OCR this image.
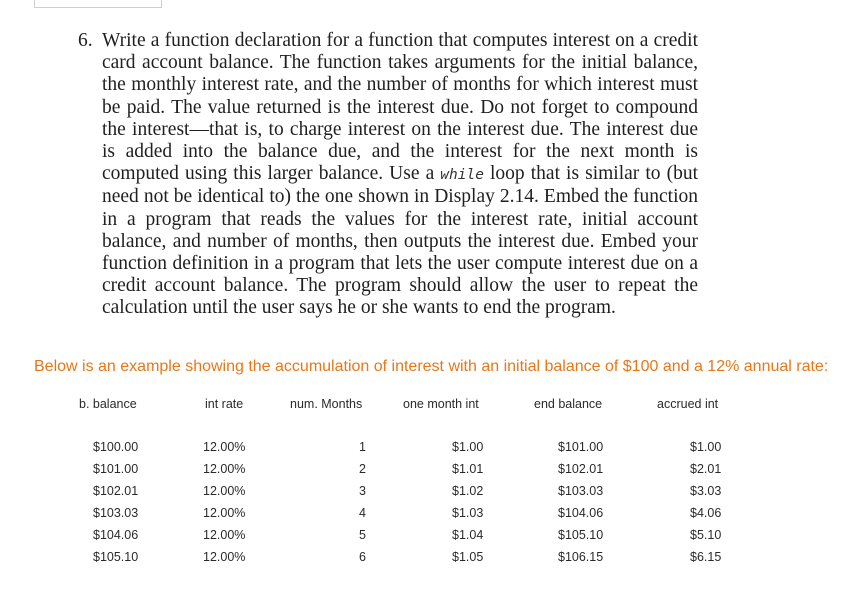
6. Write a function declaration for a function that computes interest on a credit card account balance. The function takes arguments for the initial balance, the monthly interest rate, and the number of months for which interest must be paid. The value returned is the interest due. Do not forget to compound the interest—that is, to charge interest on the interest due. The interest due is added into the balance due, and the interest for the next month is computed using this larger balance. Use a while loop that is similar to (but need not be identical to) the one shown in Display 2.14. Embed the function in a program that reads the values for the interest rate, initial account balance, and number of months, then outputs the interest due. Embed your function definition in a program that lets the user compute interest due on a credit account balance. The program should allow the user to repeat the calculation until the user says he or she wants to end the program.
Below is an example showing the accumulation of interest with an initial balance of $100 and a 12% annual rate:
b. balance	int rate	num. Months	one month int	end balance	accrued int
$100.00	12.00%	1	$1.00	$101.00	$1.00
$101.00	12.00%	2	$1.01	$102.01	$2.01
$102.01	12.00%	3	$1.02	$103.03	$3.03
$103.03	12.00%	4	$1.03	$104.06	$4.06
$104.06	12.00%	5	$1.04	$105.10	$5.10
$105.10	12.00%	6	$1.05	$106.15	$6.15
